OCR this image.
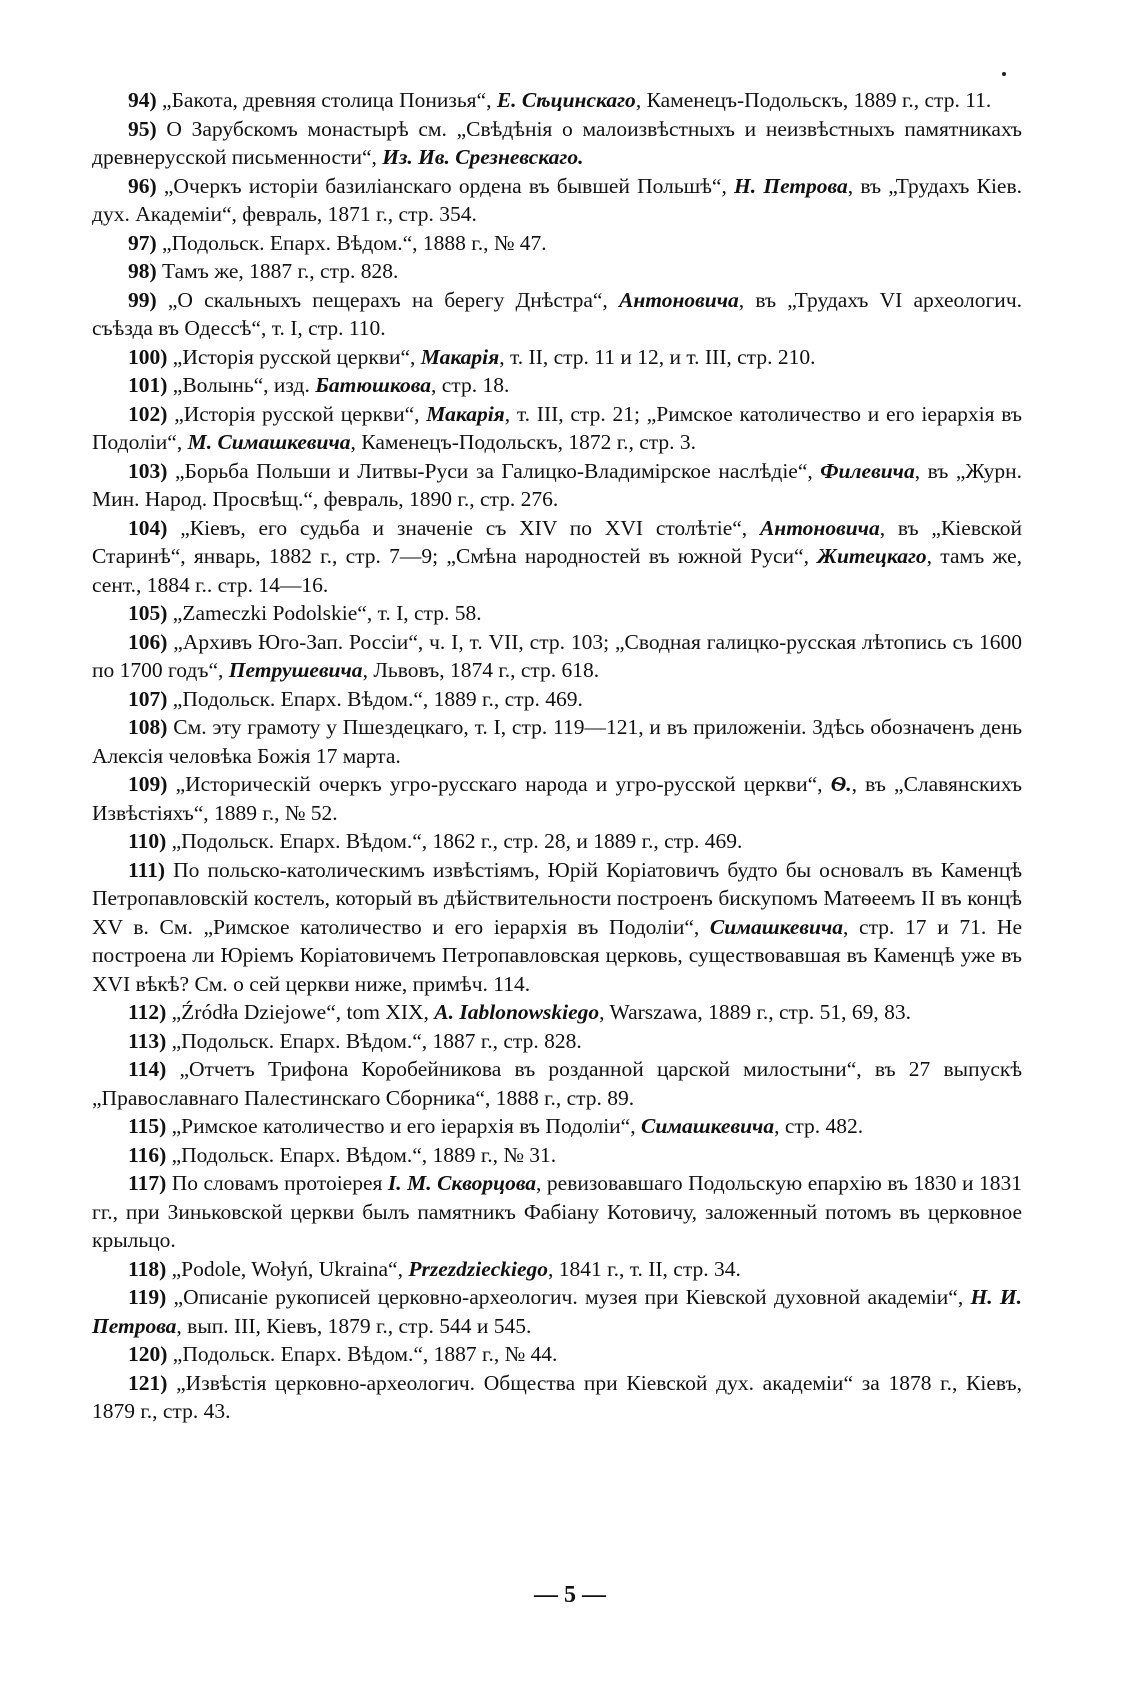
94) „Бакота, древняя столица Понизья“, Е. Сѣцинскаго, Каменецъ-Подольскъ, 1889 г., стр. 11.

95) О Зарубскомъ монастырѣ см. „Свѣдѣнія о малоизвѣстныхъ и неизвѣстныхъ памятникахъ древнерусской письменности“, Из. Ив. Срезневскаго.

96) „Очеркъ исторіи базиліанскаго ордена въ бывшей Польшѣ“, Н. Петрова, въ „Трудахъ Кіев. дух. Академіи“, февраль, 1871 г., стр. 354.

97) „Подольск. Епарх. Вѣдом.“, 1888 г., № 47.

98) Тамъ же, 1887 г., стр. 828.

99) „О скальныхъ пещерахъ на берегу Днѣстра“, Антоновича, въ „Трудахъ VI археологич. съѣзда въ Одессѣ“, т. I, стр. 110.

100) „Исторія русской церкви“, Макарія, т. II, стр. 11 и 12, и т. III, стр. 210.

101) „Волынь“, изд. Батюшкова, стр. 18.

102) „Исторія русской церкви“, Макарія, т. III, стр. 21; „Римское католичество и его іерархія въ Подоліи“, М. Симашкевича, Каменецъ-Подольскъ, 1872 г., стр. 3.

103) „Борьба Польши и Литвы-Руси за Галицко-Владимірское наслѣдіе“, Филевича, въ „Журн. Мин. Народ. Просвѣщ.“, февраль, 1890 г., стр. 276.

104) „Кіевъ, его судьба и значеніе съ XIV по XVI столѣтіе“, Антоновича, въ „Кіевской Старинѣ“, январь, 1882 г., стр. 7—9; „Смѣна народностей въ южной Руси“, Житецкаго, тамъ же, сент., 1884 г.. стр. 14—16.

105) „Zameczki Podolskie“, т. I, стр. 58.

106) „Архивъ Юго-Зап. Россіи“, ч. I, т. VII, стр. 103; „Сводная галицко-русская лѣтопись съ 1600 по 1700 годъ“, Петрушевича, Львовъ, 1874 г., стр. 618.

107) „Подольск. Епарх. Вѣдом.“, 1889 г., стр. 469.

108) См. эту грамоту у Пшездецкаго, т. I, стр. 119—121, и въ приложеніи. Здѣсь обозначенъ день Алексія человѣка Божія 17 марта.

109) „Историческій очеркъ угро-русскаго народа и угро-русской церкви“, Ѳ., въ „Славянскихъ Извѣстіяхъ“, 1889 г., № 52.

110) „Подольск. Епарх. Вѣдом.“, 1862 г., стр. 28, и 1889 г., стр. 469.

111) По польско-католическимъ извѣстіямъ, Юрій Коріатовичъ будто бы основалъ въ Каменцѣ Петропавловскій костелъ, который въ дѣйствительности построенъ бискупомъ Матѳеемъ II въ концѣ XV в. См. „Римское католичество и его іерархія въ Подоліи“, Симашкевича, стр. 17 и 71. Не построена ли Юріемъ Коріатовичемъ Петропавловская церковь, существовавшая въ Каменцѣ уже въ XVI вѣкѣ? См. о сей церкви ниже, примѣч. 114.

112) „Źródła Dziejowe“, tom XIX, A. Iablonowskiego, Warszawa, 1889 г., стр. 51, 69, 83.

113) „Подольск. Епарх. Вѣдом.“, 1887 г., стр. 828.

114) „Отчетъ Трифона Коробейникова въ розданной царской милостыни“, въ 27 выпускѣ „Православнаго Палестинскаго Сборника“, 1888 г., стр. 89.

115) „Римское католичество и его іерархія въ Подоліи“, Симашкевича, стр. 482.

116) „Подольск. Епарх. Вѣдом.“, 1889 г., № 31.

117) По словамъ протоіерея І. М. Скворцова, ревизовавшаго Подольскую епархію въ 1830 и 1831 гг., при Зиньковской церкви былъ памятникъ Фабіану Котовичу, заложенный потомъ въ церковное крыльцо.

118) „Podole, Wołyń, Ukraina“, Przezdzieckiego, 1841 г., т. II, стр. 34.

119) „Описаніе рукописей церковно-археологич. музея при Кіевской духовной академіи“, Н. И. Петрова, вып. III, Кіевъ, 1879 г., стр. 544 и 545.

120) „Подольск. Епарх. Вѣдом.“, 1887 г., № 44.

121) „Извѣстія церковно-археологич. Общества при Кіевской дух. академіи“ за 1878 г., Кіевъ, 1879 г., стр. 43.

— 5 —
